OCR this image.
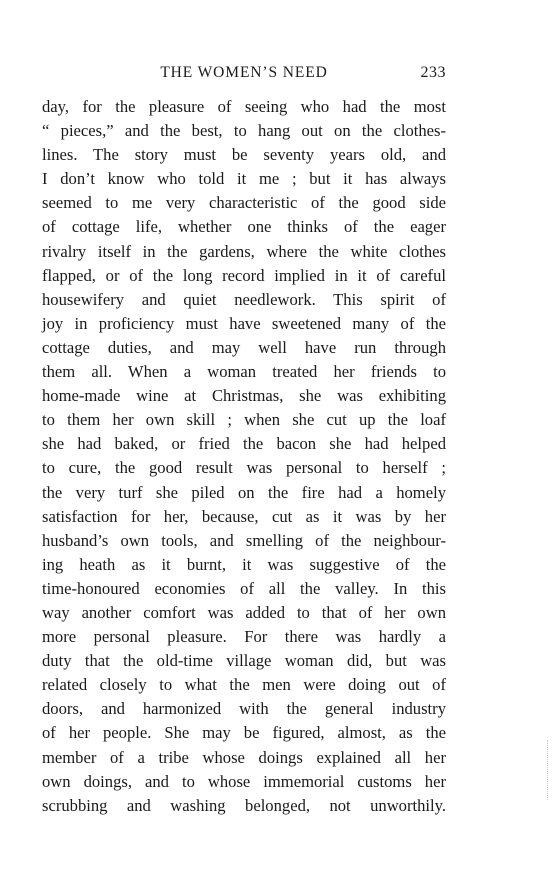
THE WOMEN’S NEED	233
day, for the pleasure of seeing who had the most
“ pieces,” and the best, to hang out on the clothes-
lines. The story must be seventy years old, and
I don’t know who told it me ; but it has always
seemed to me very characteristic of the good side
of cottage life, whether one thinks of the eager
rivalry itself in the gardens, where the white clothes
flapped, or of the long record implied in it of careful
housewifery and quiet needlework. This spirit of
joy in proficiency must have sweetened many of the
cottage duties, and may well have run through
them all. When a woman treated her friends to
home-made wine at Christmas, she was exhibiting
to them her own skill ; when she cut up the loaf
she had baked, or fried the bacon she had helped
to cure, the good result was personal to herself ;
the very turf she piled on the fire had a homely
satisfaction for her, because, cut as it was by her
husband’s own tools, and smelling of the neighbour-
ing heath as it burnt, it was suggestive of the
time-honoured economies of all the valley. In this
way another comfort was added to that of her own
more personal pleasure. For there was hardly a
duty that the old-time village woman did, but was
related closely to what the men were doing out of
doors, and harmonized with the general industry
of her people. She may be figured, almost, as the
member of a tribe whose doings explained all her
own doings, and to whose immemorial customs her
scrubbing and washing belonged, not unworthily.
